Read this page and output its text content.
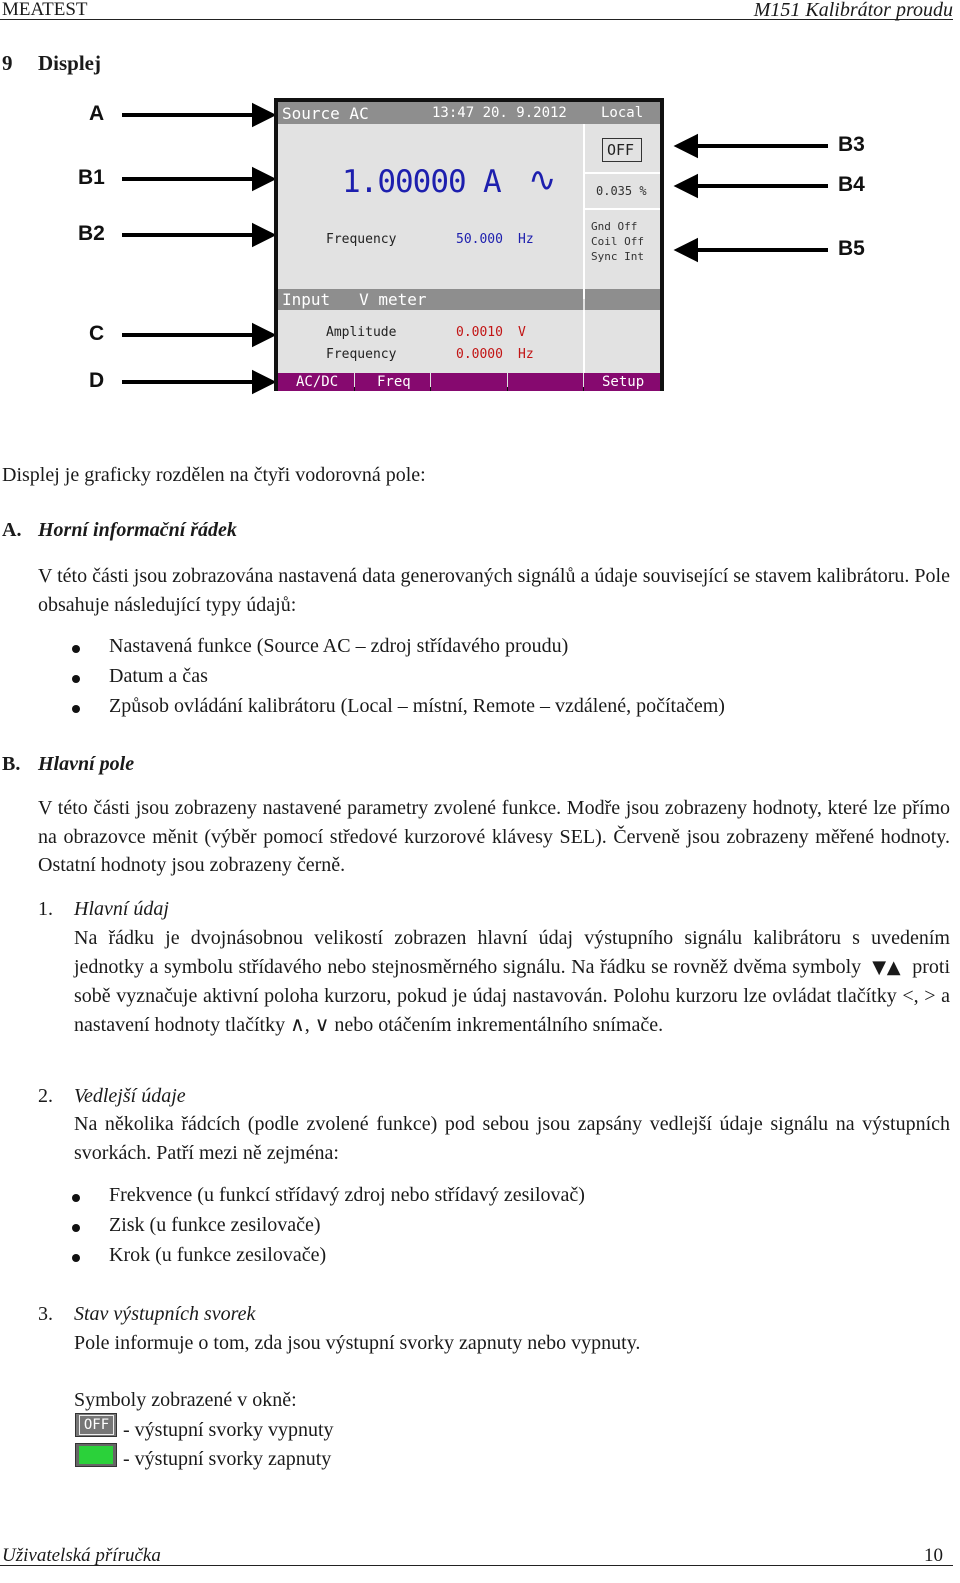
MEATEST	M151 Kalibrátor proudu
9 Displej
A
B1
B2
C
D
B3
B4
B5
Source AC	13:47 20. 9.2012 Local
1.00000 A ∿
OFF
0.035 %
Gnd Off
Coil Off
Sync Int
Frequency	50.000 Hz
Input   V meter
Amplitude	0.0010 V
Frequency	0.0000 Hz
AC/DC	Freq	Setup
Displej je graficky rozdělen na čtyři vodorovná pole:
A. Horní informační řádek
V této části jsou zobrazována nastavená data generovaných signálů a údaje související se stavem kalibrátoru. Pole obsahuje následující typy údajů:
Nastavená funkce (Source AC – zdroj střídavého proudu)
Datum a čas
Způsob ovládání kalibrátoru (Local – místní, Remote – vzdálené, počítačem)
B. Hlavní pole
V této části jsou zobrazeny nastavené parametry zvolené funkce. Modře jsou zobrazeny hodnoty, které lze přímo na obrazovce měnit (výběr pomocí středové kurzorové klávesy SEL). Červeně jsou zobrazeny měřené hodnoty. Ostatní hodnoty jsou zobrazeny černě.
1. Hlavní údaj
Na řádku je dvojnásobnou velikostí zobrazen hlavní údaj výstupního signálu kalibrátoru s uvedením jednotky a symbolu střídavého nebo stejnosměrného signálu. Na řádku se rovněž dvěma symboly ▼▲ proti sobě vyznačuje aktivní poloha kurzoru, pokud je údaj nastavován. Polohu kurzoru lze ovládat tlačítky <, > a nastavení hodnoty tlačítky ∧, ∨ nebo otáčením inkrementálního snímače.
2. Vedlejší údaje
Na několika řádcích (podle zvolené funkce) pod sebou jsou zapsány vedlejší údaje signálu na výstupních svorkách. Patří mezi ně zejména:
Frekvence (u funkcí střídavý zdroj nebo střídavý zesilovač)
Zisk (u funkce zesilovače)
Krok (u funkce zesilovače)
3. Stav výstupních svorek
Pole informuje o tom, zda jsou výstupní svorky zapnuty nebo vypnuty.
Symboly zobrazené v okně:
OFF - výstupní svorky vypnuty
- výstupní svorky zapnuty
Uživatelská příručka	10
